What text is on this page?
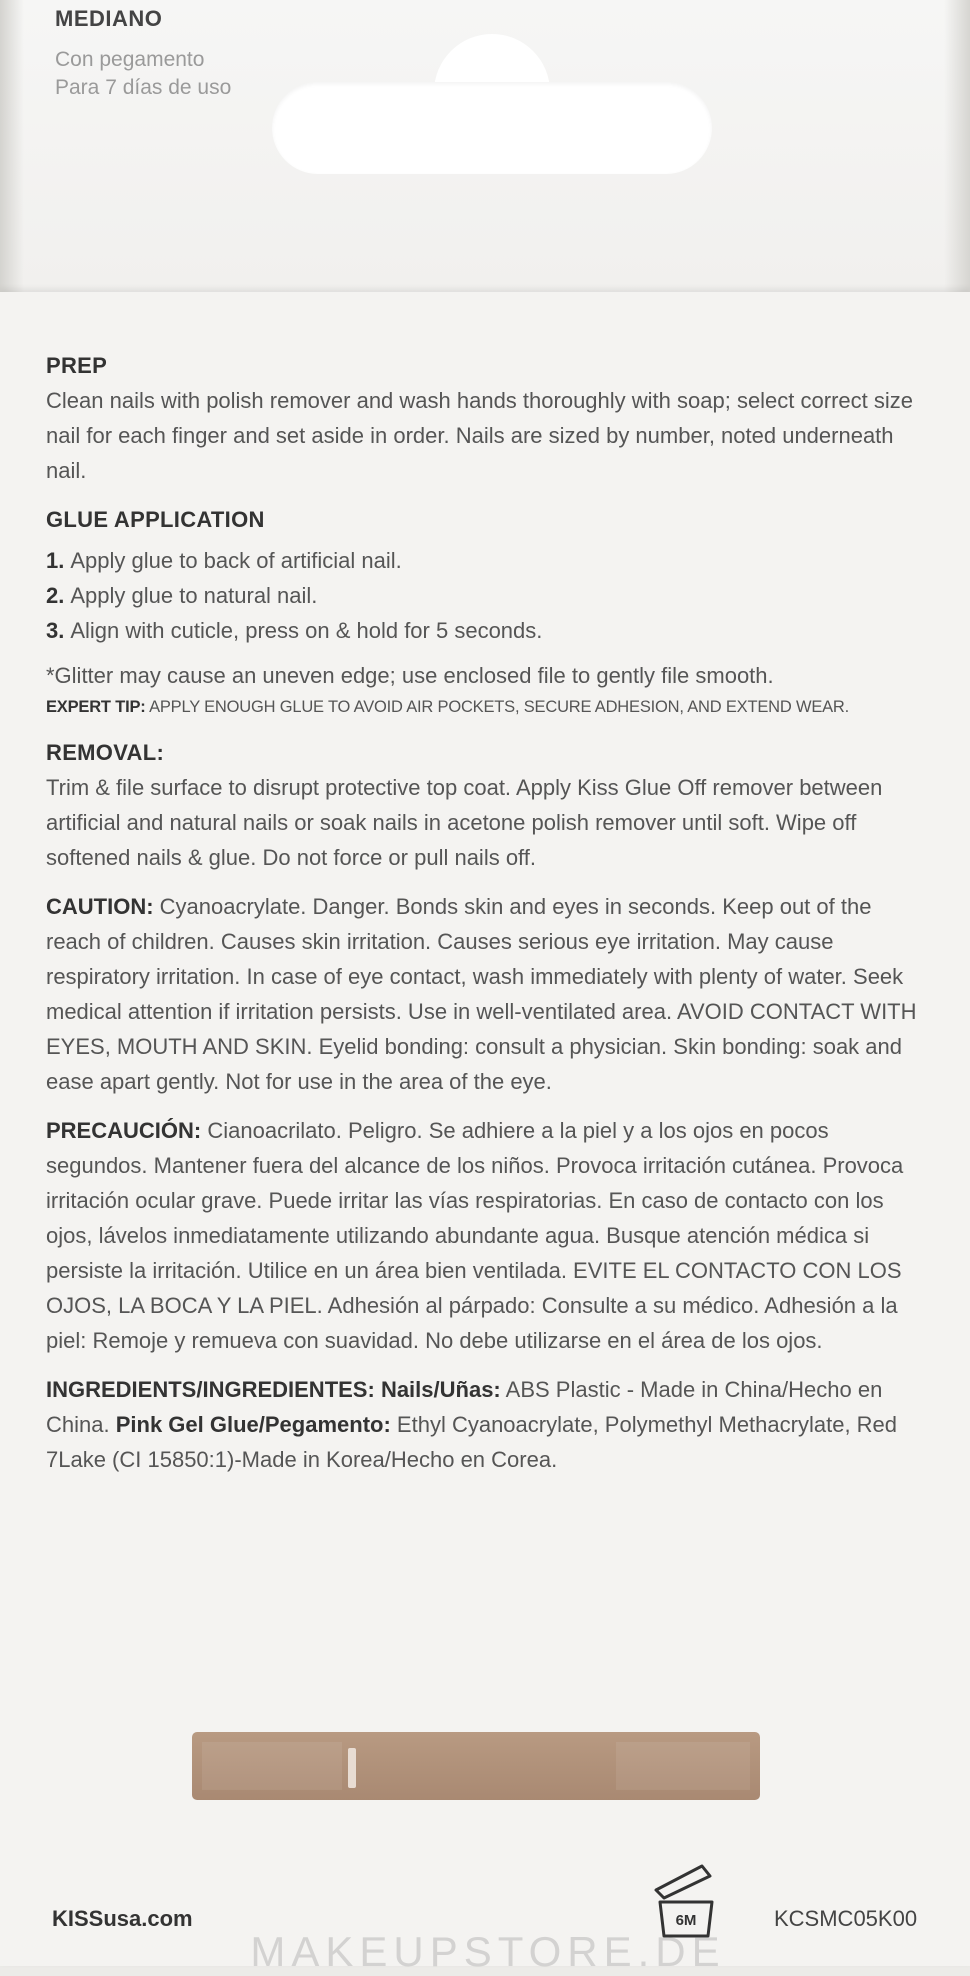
MEDIANO
Con pegamento
Para 7 días de uso

PREP
Clean nails with polish remover and wash hands thoroughly with soap; select correct size nail for each finger and set aside in order. Nails are sized by number, noted underneath nail.

GLUE APPLICATION
1. Apply glue to back of artificial nail.
2. Apply glue to natural nail.
3. Align with cuticle, press on & hold for 5 seconds.
*Glitter may cause an uneven edge; use enclosed file to gently file smooth.
EXPERT TIP: APPLY ENOUGH GLUE TO AVOID AIR POCKETS, SECURE ADHESION, AND EXTEND WEAR.

REMOVAL:
Trim & file surface to disrupt protective top coat. Apply Kiss Glue Off remover between artificial and natural nails or soak nails in acetone polish remover until soft. Wipe off softened nails & glue. Do not force or pull nails off.

CAUTION: Cyanoacrylate. Danger. Bonds skin and eyes in seconds. Keep out of the reach of children. Causes skin irritation. Causes serious eye irritation. May cause respiratory irritation. In case of eye contact, wash immediately with plenty of water. Seek medical attention if irritation persists. Use in well-ventilated area. AVOID CONTACT WITH EYES, MOUTH AND SKIN. Eyelid bonding: consult a physician. Skin bonding: soak and ease apart gently. Not for use in the area of the eye.

PRECAUCIÓN: Cianoacrilato. Peligro. Se adhiere a la piel y a los ojos en pocos segundos. Mantener fuera del alcance de los niños. Provoca irritación cutánea. Provoca irritación ocular grave. Puede irritar las vías respiratorias. En caso de contacto con los ojos, lávelos inmediatamente utilizando abundante agua. Busque atención médica si persiste la irritación. Utilice en un área bien ventilada. EVITE EL CONTACTO CON LOS OJOS, LA BOCA Y LA PIEL. Adhesión al párpado: Consulte a su médico. Adhesión a la piel: Remoje y remueva con suavidad. No debe utilizarse en el área de los ojos.

INGREDIENTS/INGREDIENTES: Nails/Uñas: ABS Plastic - Made in China/Hecho en China. Pink Gel Glue/Pegamento: Ethyl Cyanoacrylate, Polymethyl Methacrylate, Red 7Lake (CI 15850:1)-Made in Korea/Hecho en Corea.

KISSusa.com	6M	KCSMC05K00
MAKEUPSTORE.DE
